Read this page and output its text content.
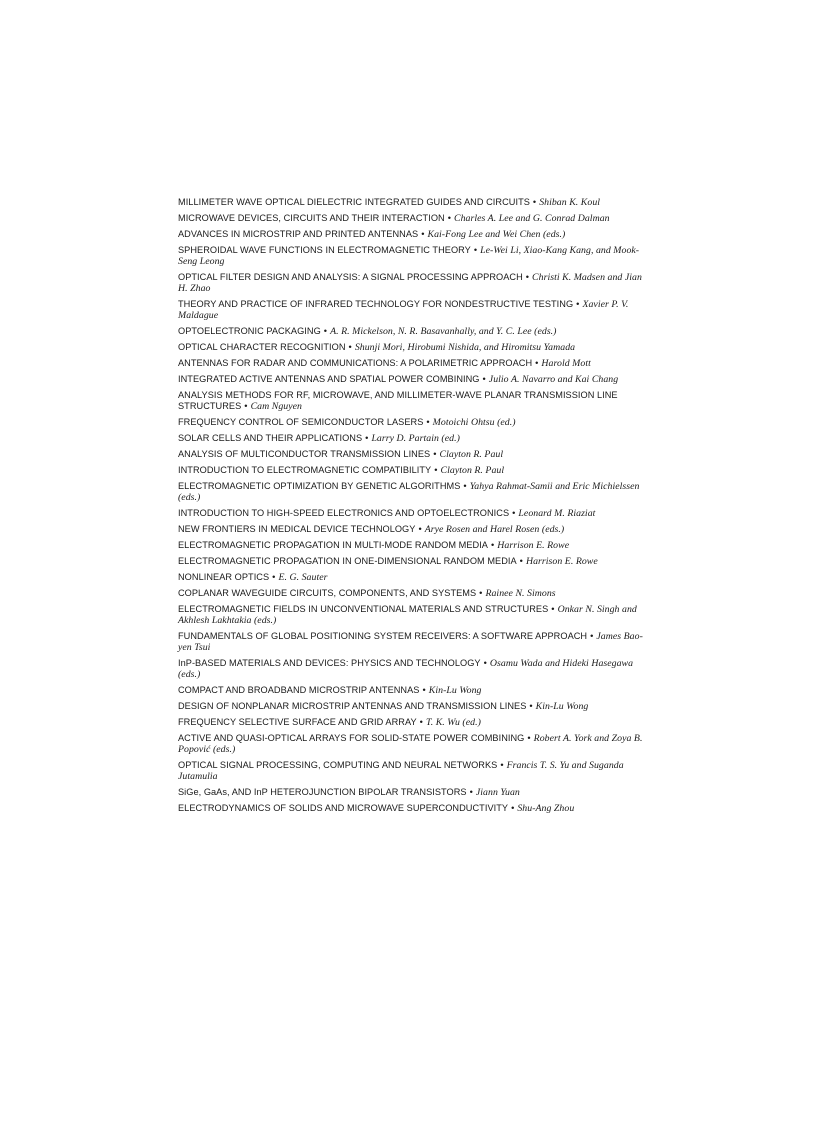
MILLIMETER WAVE OPTICAL DIELECTRIC INTEGRATED GUIDES AND CIRCUITS • Shiban K. Koul
MICROWAVE DEVICES, CIRCUITS AND THEIR INTERACTION • Charles A. Lee and G. Conrad Dalman
ADVANCES IN MICROSTRIP AND PRINTED ANTENNAS • Kai-Fong Lee and Wei Chen (eds.)
SPHEROIDAL WAVE FUNCTIONS IN ELECTROMAGNETIC THEORY • Le-Wei Li, Xiao-Kang Kang, and Mook-Seng Leong
OPTICAL FILTER DESIGN AND ANALYSIS: A SIGNAL PROCESSING APPROACH • Christi K. Madsen and Jian H. Zhao
THEORY AND PRACTICE OF INFRARED TECHNOLOGY FOR NONDESTRUCTIVE TESTING • Xavier P. V. Maldague
OPTOELECTRONIC PACKAGING • A. R. Mickelson, N. R. Basavanhally, and Y. C. Lee (eds.)
OPTICAL CHARACTER RECOGNITION • Shunji Mori, Hirobumi Nishida, and Hiromitsu Yamada
ANTENNAS FOR RADAR AND COMMUNICATIONS: A POLARIMETRIC APPROACH • Harold Mott
INTEGRATED ACTIVE ANTENNAS AND SPATIAL POWER COMBINING • Julio A. Navarro and Kai Chang
ANALYSIS METHODS FOR RF, MICROWAVE, AND MILLIMETER-WAVE PLANAR TRANSMISSION LINE STRUCTURES • Cam Nguyen
FREQUENCY CONTROL OF SEMICONDUCTOR LASERS • Motoichi Ohtsu (ed.)
SOLAR CELLS AND THEIR APPLICATIONS • Larry D. Partain (ed.)
ANALYSIS OF MULTICONDUCTOR TRANSMISSION LINES • Clayton R. Paul
INTRODUCTION TO ELECTROMAGNETIC COMPATIBILITY • Clayton R. Paul
ELECTROMAGNETIC OPTIMIZATION BY GENETIC ALGORITHMS • Yahya Rahmat-Samii and Eric Michielssen (eds.)
INTRODUCTION TO HIGH-SPEED ELECTRONICS AND OPTOELECTRONICS • Leonard M. Riaziat
NEW FRONTIERS IN MEDICAL DEVICE TECHNOLOGY • Arye Rosen and Harel Rosen (eds.)
ELECTROMAGNETIC PROPAGATION IN MULTI-MODE RANDOM MEDIA • Harrison E. Rowe
ELECTROMAGNETIC PROPAGATION IN ONE-DIMENSIONAL RANDOM MEDIA • Harrison E. Rowe
NONLINEAR OPTICS • E. G. Sauter
COPLANAR WAVEGUIDE CIRCUITS, COMPONENTS, AND SYSTEMS • Rainee N. Simons
ELECTROMAGNETIC FIELDS IN UNCONVENTIONAL MATERIALS AND STRUCTURES • Onkar N. Singh and Akhlesh Lakhtakia (eds.)
FUNDAMENTALS OF GLOBAL POSITIONING SYSTEM RECEIVERS: A SOFTWARE APPROACH • James Bao-yen Tsui
InP-BASED MATERIALS AND DEVICES: PHYSICS AND TECHNOLOGY • Osamu Wada and Hideki Hasegawa (eds.)
COMPACT AND BROADBAND MICROSTRIP ANTENNAS • Kin-Lu Wong
DESIGN OF NONPLANAR MICROSTRIP ANTENNAS AND TRANSMISSION LINES • Kin-Lu Wong
FREQUENCY SELECTIVE SURFACE AND GRID ARRAY • T. K. Wu (ed.)
ACTIVE AND QUASI-OPTICAL ARRAYS FOR SOLID-STATE POWER COMBINING • Robert A. York and Zoya B. Popović (eds.)
OPTICAL SIGNAL PROCESSING, COMPUTING AND NEURAL NETWORKS • Francis T. S. Yu and Suganda Jutamulia
SiGe, GaAs, AND InP HETEROJUNCTION BIPOLAR TRANSISTORS • Jiann Yuan
ELECTRODYNAMICS OF SOLIDS AND MICROWAVE SUPERCONDUCTIVITY • Shu-Ang Zhou
